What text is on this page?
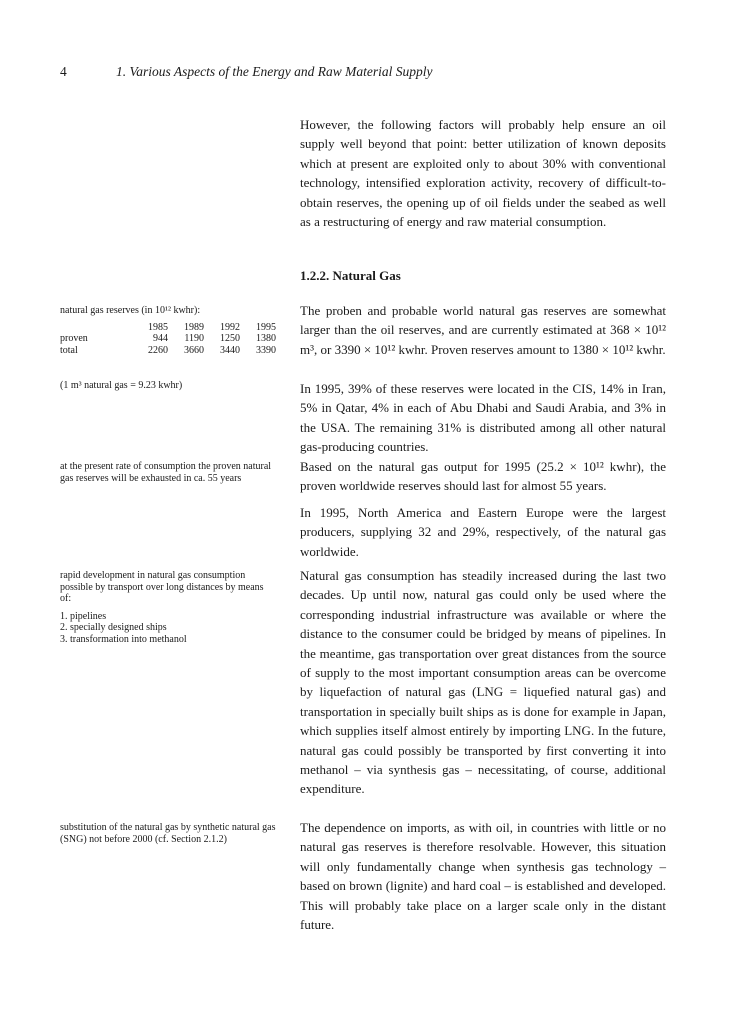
4	1. Various Aspects of the Energy and Raw Material Supply

However, the following factors will probably help ensure an oil supply well beyond that point: better utilization of known deposits which at present are exploited only to about 30% with conventional technology, intensified exploration activity, recovery of difficult-to-obtain reserves, the opening up of oil fields under the seabed as well as a restructuring of energy and raw material consumption.

1.2.2. Natural Gas

The proben and probable world natural gas reserves are somewhat larger than the oil reserves, and are currently estimated at 368 × 10¹² m³, or 3390 × 10¹² kwhr. Proven reserves amount to 1380 × 10¹² kwhr.

In 1995, 39% of these reserves were located in the CIS, 14% in Iran, 5% in Qatar, 4% in each of Abu Dhabi and Saudi Arabia, and 3% in the USA. The remaining 31% is distributed among all other natural gas-producing countries.

Based on the natural gas output for 1995 (25.2 × 10¹² kwhr), the proven worldwide reserves should last for almost 55 years.

In 1995, North America and Eastern Europe were the largest producers, supplying 32 and 29%, respectively, of the natural gas worldwide.

Natural gas consumption has steadily increased during the last two decades. Up until now, natural gas could only be used where the corresponding industrial infrastructure was available or where the distance to the consumer could be bridged by means of pipelines. In the meantime, gas transportation over great distances from the source of supply to the most important consumption areas can be overcome by liquefaction of natural gas (LNG = liquefied natural gas) and transportation in specially built ships as is done for example in Japan, which supplies itself almost entirely by importing LNG. In the future, natural gas could possibly be transported by first converting it into methanol – via synthesis gas – necessitating, of course, additional expenditure.

The dependence on imports, as with oil, in countries with little or no natural gas reserves is therefore resolvable. However, this situation will only fundamentally change when synthesis gas technology – based on brown (lignite) and hard coal – is established and developed. This will probably take place on a larger scale only in the distant future.

natural gas reserves (in 10¹² kwhr):

	1985	1989	1992	1995
proven	944	1190	1250	1380
total	2260	3660	3440	3390

(1 m³ natural gas = 9.23 kwhr)

at the present rate of consumption the proven natural gas reserves will be exhausted in ca. 55 years

rapid development in natural gas consumption possible by transport over long distances by means of:

1. pipelines
2. specially designed ships
3. transformation into methanol

substitution of the natural gas by synthetic natural gas (SNG) not before 2000 (cf. Section 2.1.2)
